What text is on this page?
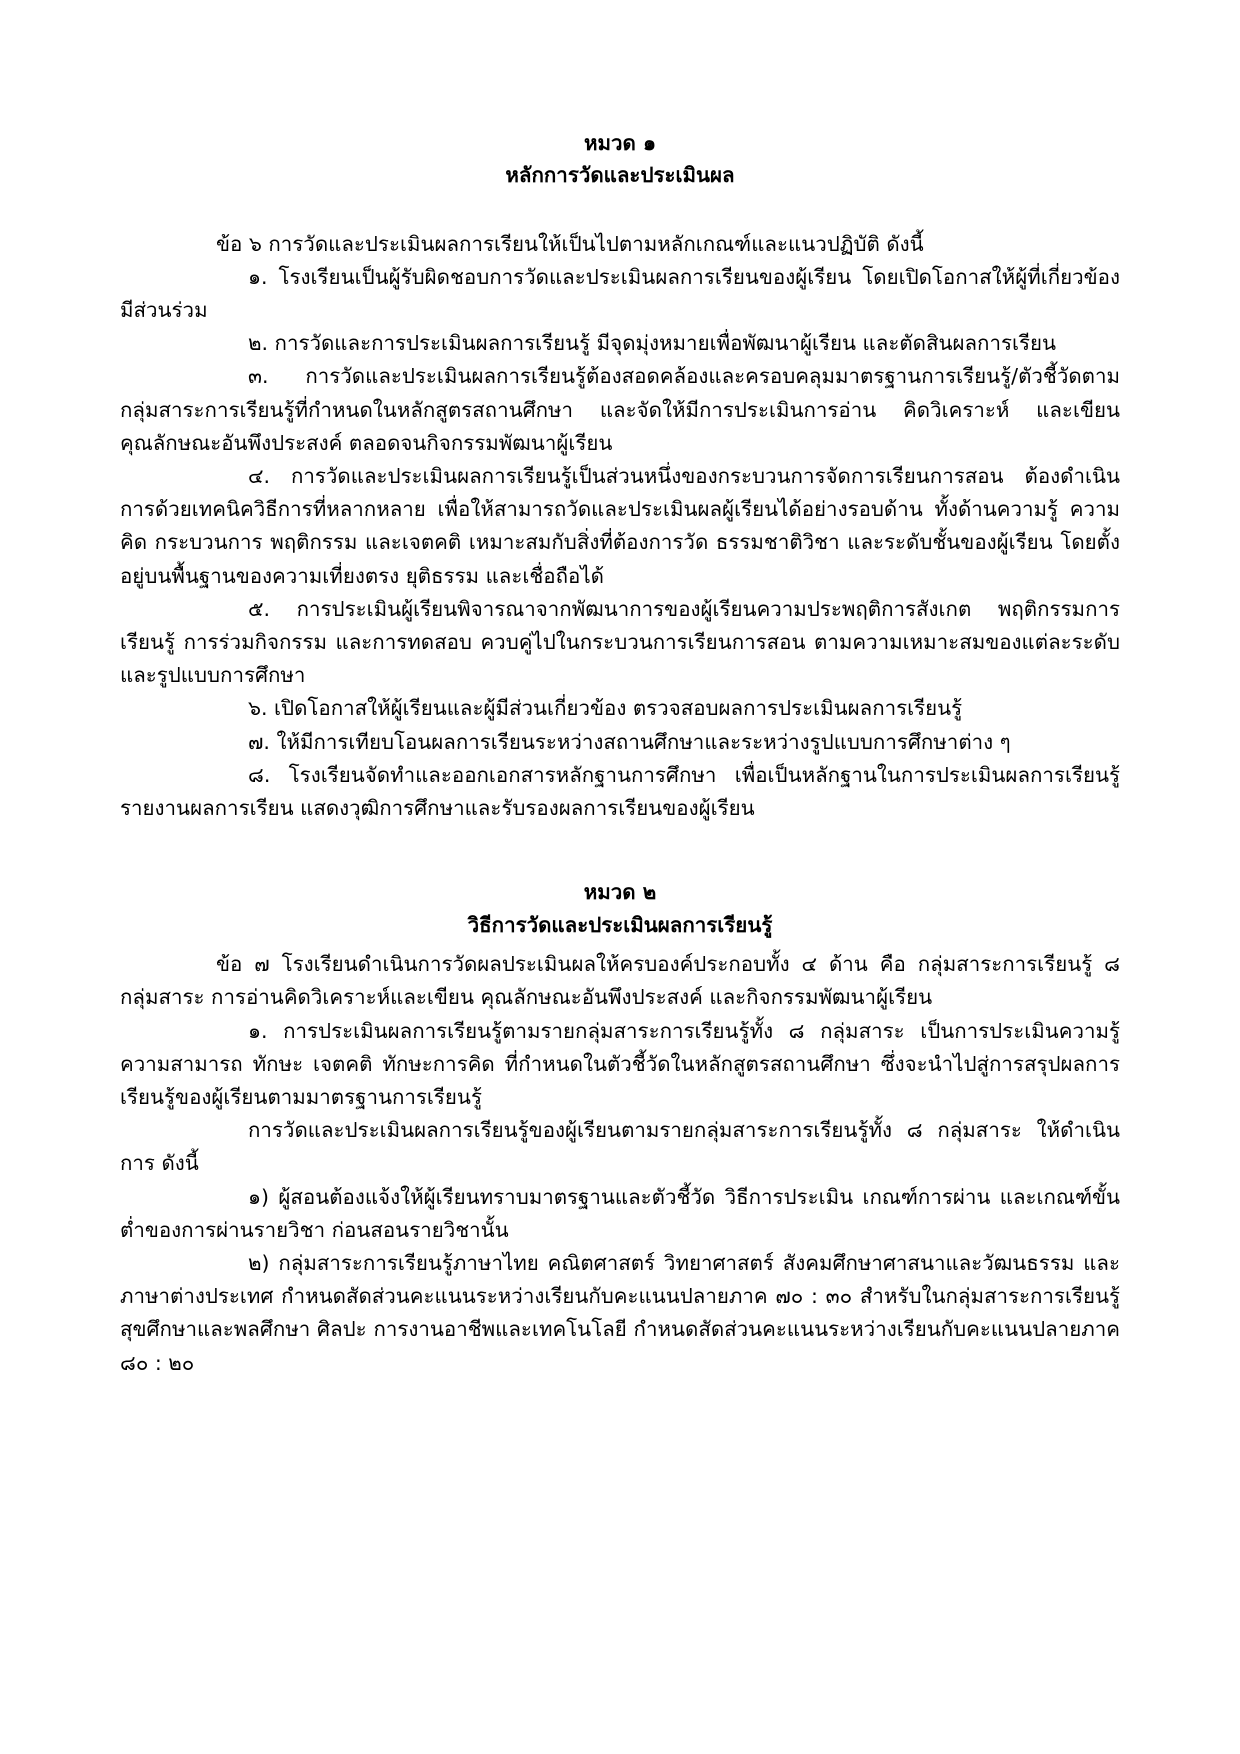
หมวด ๑

หลักการวัดและประเมินผล

ข้อ ๖ การวัดและประเมินผลการเรียนให้เป็นไปตามหลักเกณฑ์และแนวปฏิบัติ ดังนี้

๑. โรงเรียนเป็นผู้รับผิดชอบการวัดและประเมินผลการเรียนของผู้เรียน โดยเปิดโอกาสให้ผู้ที่เกี่ยวข้องมีส่วนร่วม

๒. การวัดและการประเมินผลการเรียนรู้ มีจุดมุ่งหมายเพื่อพัฒนาผู้เรียน และตัดสินผลการเรียน

๓. การวัดและประเมินผลการเรียนรู้ต้องสอดคล้องและครอบคลุมมาตรฐานการเรียนรู้/ตัวชี้วัดตามกลุ่มสาระการเรียนรู้ที่กำหนดในหลักสูตรสถานศึกษา และจัดให้มีการประเมินการอ่าน คิดวิเคราะห์ และเขียน คุณลักษณะอันพึงประสงค์ ตลอดจนกิจกรรมพัฒนาผู้เรียน

๔. การวัดและประเมินผลการเรียนรู้เป็นส่วนหนึ่งของกระบวนการจัดการเรียนการสอน ต้องดำเนินการด้วยเทคนิควิธีการที่หลากหลาย เพื่อให้สามารถวัดและประเมินผลผู้เรียนได้อย่างรอบด้าน ทั้งด้านความรู้ ความคิด กระบวนการ พฤติกรรม และเจตคติ เหมาะสมกับสิ่งที่ต้องการวัด ธรรมชาติวิชา และระดับชั้นของผู้เรียน โดยตั้งอยู่บนพื้นฐานของความเที่ยงตรง ยุติธรรม และเชื่อถือได้

๕. การประเมินผู้เรียนพิจารณาจากพัฒนาการของผู้เรียนความประพฤติการสังเกต พฤติกรรมการเรียนรู้ การร่วมกิจกรรม และการทดสอบ ควบคู่ไปในกระบวนการเรียนการสอน ตามความเหมาะสมของแต่ละระดับ และรูปแบบการศึกษา

๖. เปิดโอกาสให้ผู้เรียนและผู้มีส่วนเกี่ยวข้อง ตรวจสอบผลการประเมินผลการเรียนรู้

๗. ให้มีการเทียบโอนผลการเรียนระหว่างสถานศึกษาและระหว่างรูปแบบการศึกษาต่าง ๆ

๘. โรงเรียนจัดทำและออกเอกสารหลักฐานการศึกษา เพื่อเป็นหลักฐานในการประเมินผลการเรียนรู้ รายงานผลการเรียน แสดงวุฒิการศึกษาและรับรองผลการเรียนของผู้เรียน

หมวด ๒

วิธีการวัดและประเมินผลการเรียนรู้

ข้อ ๗ โรงเรียนดำเนินการวัดผลประเมินผลให้ครบองค์ประกอบทั้ง ๔ ด้าน คือ กลุ่มสาระการเรียนรู้ ๘ กลุ่มสาระ การอ่านคิดวิเคราะห์และเขียน คุณลักษณะอันพึงประสงค์ และกิจกรรมพัฒนาผู้เรียน

๑. การประเมินผลการเรียนรู้ตามรายกลุ่มสาระการเรียนรู้ทั้ง ๘ กลุ่มสาระ เป็นการประเมินความรู้ ความสามารถ ทักษะ เจตคติ ทักษะการคิด ที่กำหนดในตัวชี้วัดในหลักสูตรสถานศึกษา ซึ่งจะนำไปสู่การสรุปผลการเรียนรู้ของผู้เรียนตามมาตรฐานการเรียนรู้

การวัดและประเมินผลการเรียนรู้ของผู้เรียนตามรายกลุ่มสาระการเรียนรู้ทั้ง ๘ กลุ่มสาระ ให้ดำเนินการ ดังนี้

๑) ผู้สอนต้องแจ้งให้ผู้เรียนทราบมาตรฐานและตัวชี้วัด วิธีการประเมิน เกณฑ์การผ่าน และเกณฑ์ขั้นต่ำของการผ่านรายวิชา ก่อนสอนรายวิชานั้น

๒) กลุ่มสาระการเรียนรู้ภาษาไทย คณิตศาสตร์ วิทยาศาสตร์ สังคมศึกษาศาสนาและวัฒนธรรม และภาษาต่างประเทศ กำหนดสัดส่วนคะแนนระหว่างเรียนกับคะแนนปลายภาค ๗๐ : ๓๐ สำหรับในกลุ่มสาระการเรียนรู้ สุขศึกษาและพลศึกษา ศิลปะ การงานอาชีพและเทคโนโลยี กำหนดสัดส่วนคะแนนระหว่างเรียนกับคะแนนปลายภาค ๘๐ : ๒๐
